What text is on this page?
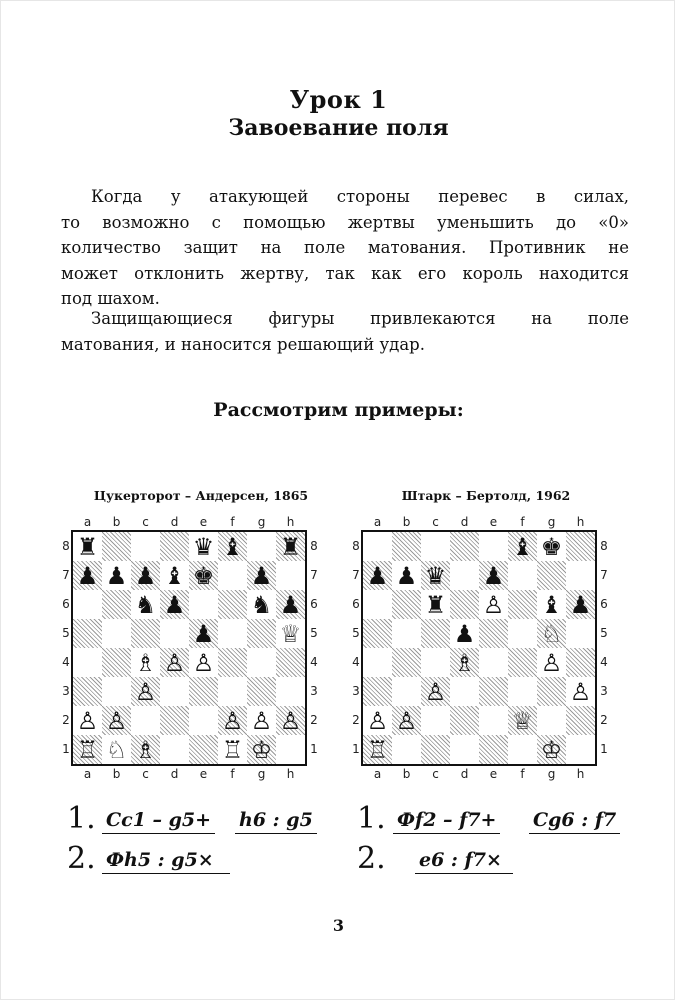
Урок 1
Завоевание поля
Когда у атакующей стороны перевес в силах,
то возможно с помощью жертвы уменьшить до «0»
количество защит на поле матования. Противник не
может отклонить жертву, так как его король находится
под шахом.
Защищающиеся фигуры привлекаются на поле
матования, и наносится решающий удар.
Рассмотрим примеры:
Цукерторот – Андерсен, 1865	Штарк – Бертолд, 1962
♜	♛ ♝ ♜
♟ ♟ ♟ ♝ ♚ ♟
♞ ♟	♞ ♟
♟	♕
♗ ♙ ♙
♙
♙ ♙	♙ ♙ ♙
♖ ♘ ♗	♖ ♔
a
a
b
b
c
c
d
d
e
e
f
f
g
g
h
h
8	8
7	7
6	6
5	5
4	4
3	3
2	2
1	1
♝ ♚
♟ ♟ ♛ ♟
♜ ♙ ♝ ♟
♟	♘
♗	♙
♙	♙
♙ ♙	♕
♖	♔
a
a
b
b
c
c
d
d
e
e
f
f
g
g
h
h
8	8
7	7
6	6
5	5
4	4
3	3
2	2
1	1
1. Cc1 – g5+ h6 : g5
2. Фh5 : g5×
1. Фf2 – f7+ Cg6 : f7
2. e6 : f7×
3
